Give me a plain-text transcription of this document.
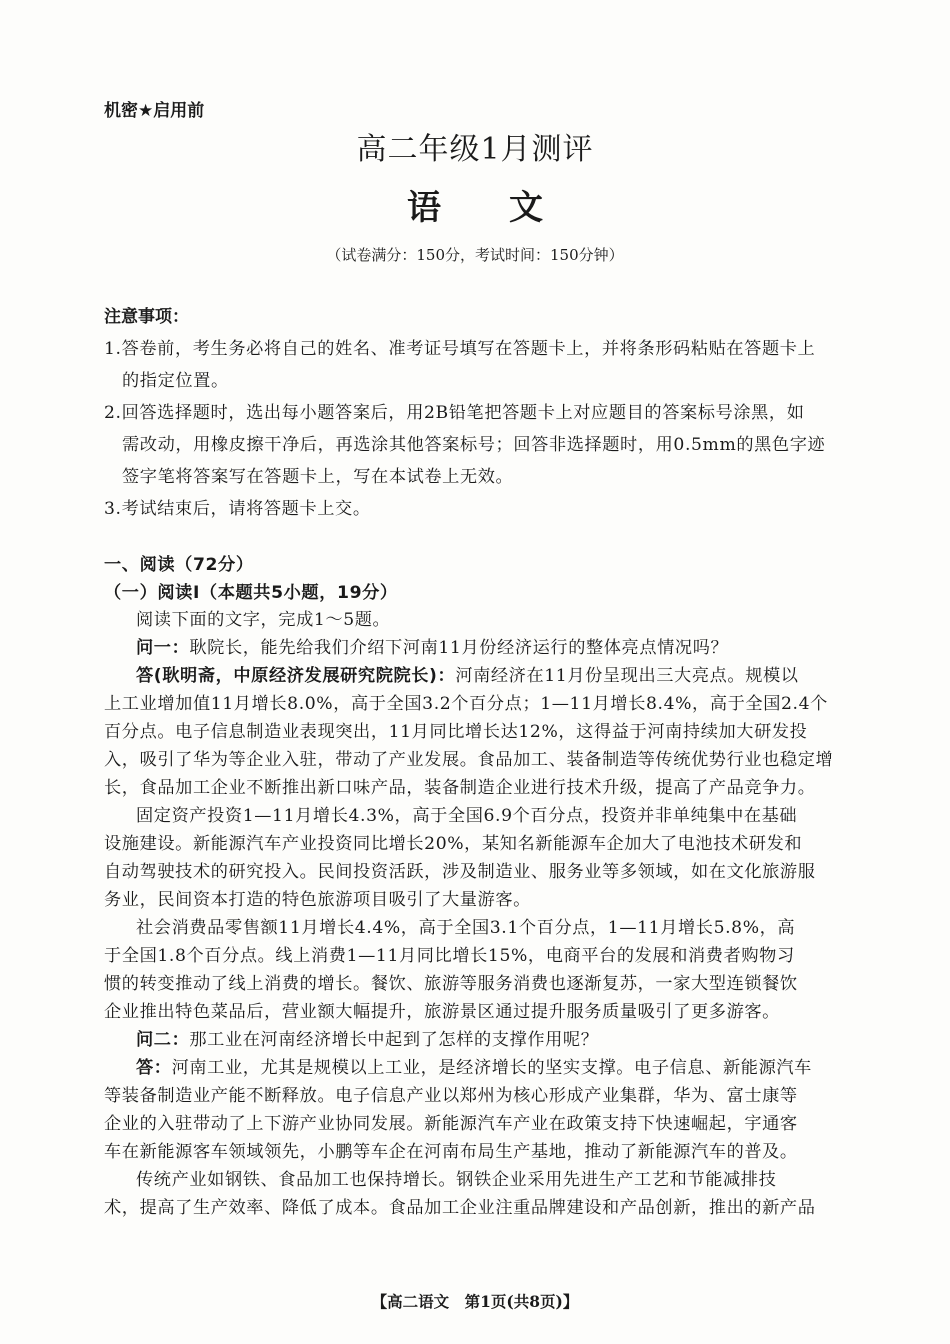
机密★启用前
高二年级1月测评
语 文
（试卷满分：150分，考试时间：150分钟）
注意事项：
1.答卷前，考生务必将自己的姓名、准考证号填写在答题卡上，并将条形码粘贴在答题卡上
的指定位置。
2.回答选择题时，选出每小题答案后，用2B铅笔把答题卡上对应题目的答案标号涂黑，如
需改动，用橡皮擦干净后，再选涂其他答案标号；回答非选择题时，用0.5mm的黑色字迹
签字笔将答案写在答题卡上，写在本试卷上无效。
3.考试结束后，请将答题卡上交。
一、阅读（72分）
（一）阅读Ⅰ（本题共5小题，19分）
阅读下面的文字，完成1～5题。
问一：耿院长，能先给我们介绍下河南11月份经济运行的整体亮点情况吗？
答(耿明斋，中原经济发展研究院院长)：河南经济在11月份呈现出三大亮点。规模以
上工业增加值11月增长8.0%，高于全国3.2个百分点；1—11月增长8.4%，高于全国2.4个
百分点。电子信息制造业表现突出，11月同比增长达12%，这得益于河南持续加大研发投
入，吸引了华为等企业入驻，带动了产业发展。食品加工、装备制造等传统优势行业也稳定增
长，食品加工企业不断推出新口味产品，装备制造企业进行技术升级，提高了产品竞争力。
固定资产投资1—11月增长4.3%，高于全国6.9个百分点，投资并非单纯集中在基础
设施建设。新能源汽车产业投资同比增长20%，某知名新能源车企加大了电池技术研发和
自动驾驶技术的研究投入。民间投资活跃，涉及制造业、服务业等多领域，如在文化旅游服
务业，民间资本打造的特色旅游项目吸引了大量游客。
社会消费品零售额11月增长4.4%，高于全国3.1个百分点，1—11月增长5.8%，高
于全国1.8个百分点。线上消费1—11月同比增长15%，电商平台的发展和消费者购物习
惯的转变推动了线上消费的增长。餐饮、旅游等服务消费也逐渐复苏，一家大型连锁餐饮
企业推出特色菜品后，营业额大幅提升，旅游景区通过提升服务质量吸引了更多游客。
问二：那工业在河南经济增长中起到了怎样的支撑作用呢？
答：河南工业，尤其是规模以上工业，是经济增长的坚实支撑。电子信息、新能源汽车
等装备制造业产能不断释放。电子信息产业以郑州为核心形成产业集群，华为、富士康等
企业的入驻带动了上下游产业协同发展。新能源汽车产业在政策支持下快速崛起，宇通客
车在新能源客车领域领先，小鹏等车企在河南布局生产基地，推动了新能源汽车的普及。
传统产业如钢铁、食品加工也保持增长。钢铁企业采用先进生产工艺和节能减排技
术，提高了生产效率、降低了成本。食品加工企业注重品牌建设和产品创新，推出的新产品
【高二语文　第1页(共8页)】
